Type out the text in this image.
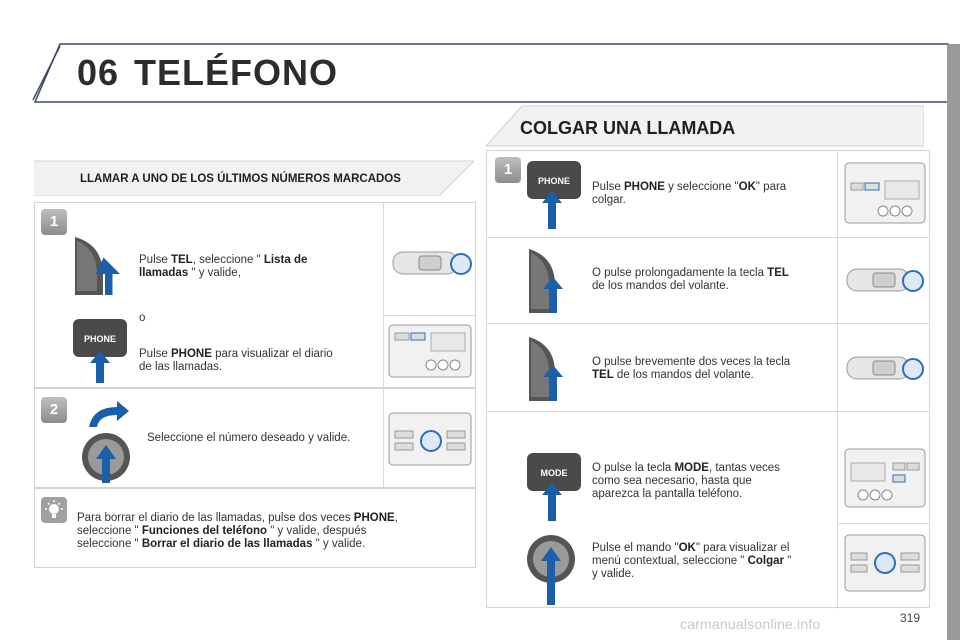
06 TELÉFONO
LLAMAR A UNO DE LOS ÚLTIMOS NÚMEROS MARCADOS
1
Pulse TEL, seleccione " Lista de
llamadas " y valide,
o
PHONE
Pulse PHONE para visualizar el diario
de las llamadas.
2
Seleccione el número deseado y valide.
Para borrar el diario de las llamadas, pulse dos veces PHONE,
seleccione " Funciones del teléfono " y valide, después
seleccione " Borrar el diario de las llamadas " y valide.
COLGAR UNA LLAMADA
1
PHONE Pulse PHONE y seleccione "OK" para
colgar.
O pulse prolongadamente la tecla TEL
de los mandos del volante.
O pulse brevemente dos veces la tecla
TEL de los mandos del volante.
MODE O pulse la tecla MODE, tantas veces
como sea necesario, hasta que
aparezca la pantalla teléfono.
Pulse el mando "OK" para visualizar el
menú contextual, seleccione " Colgar "
y valide.
319
carmanualsonline.info
